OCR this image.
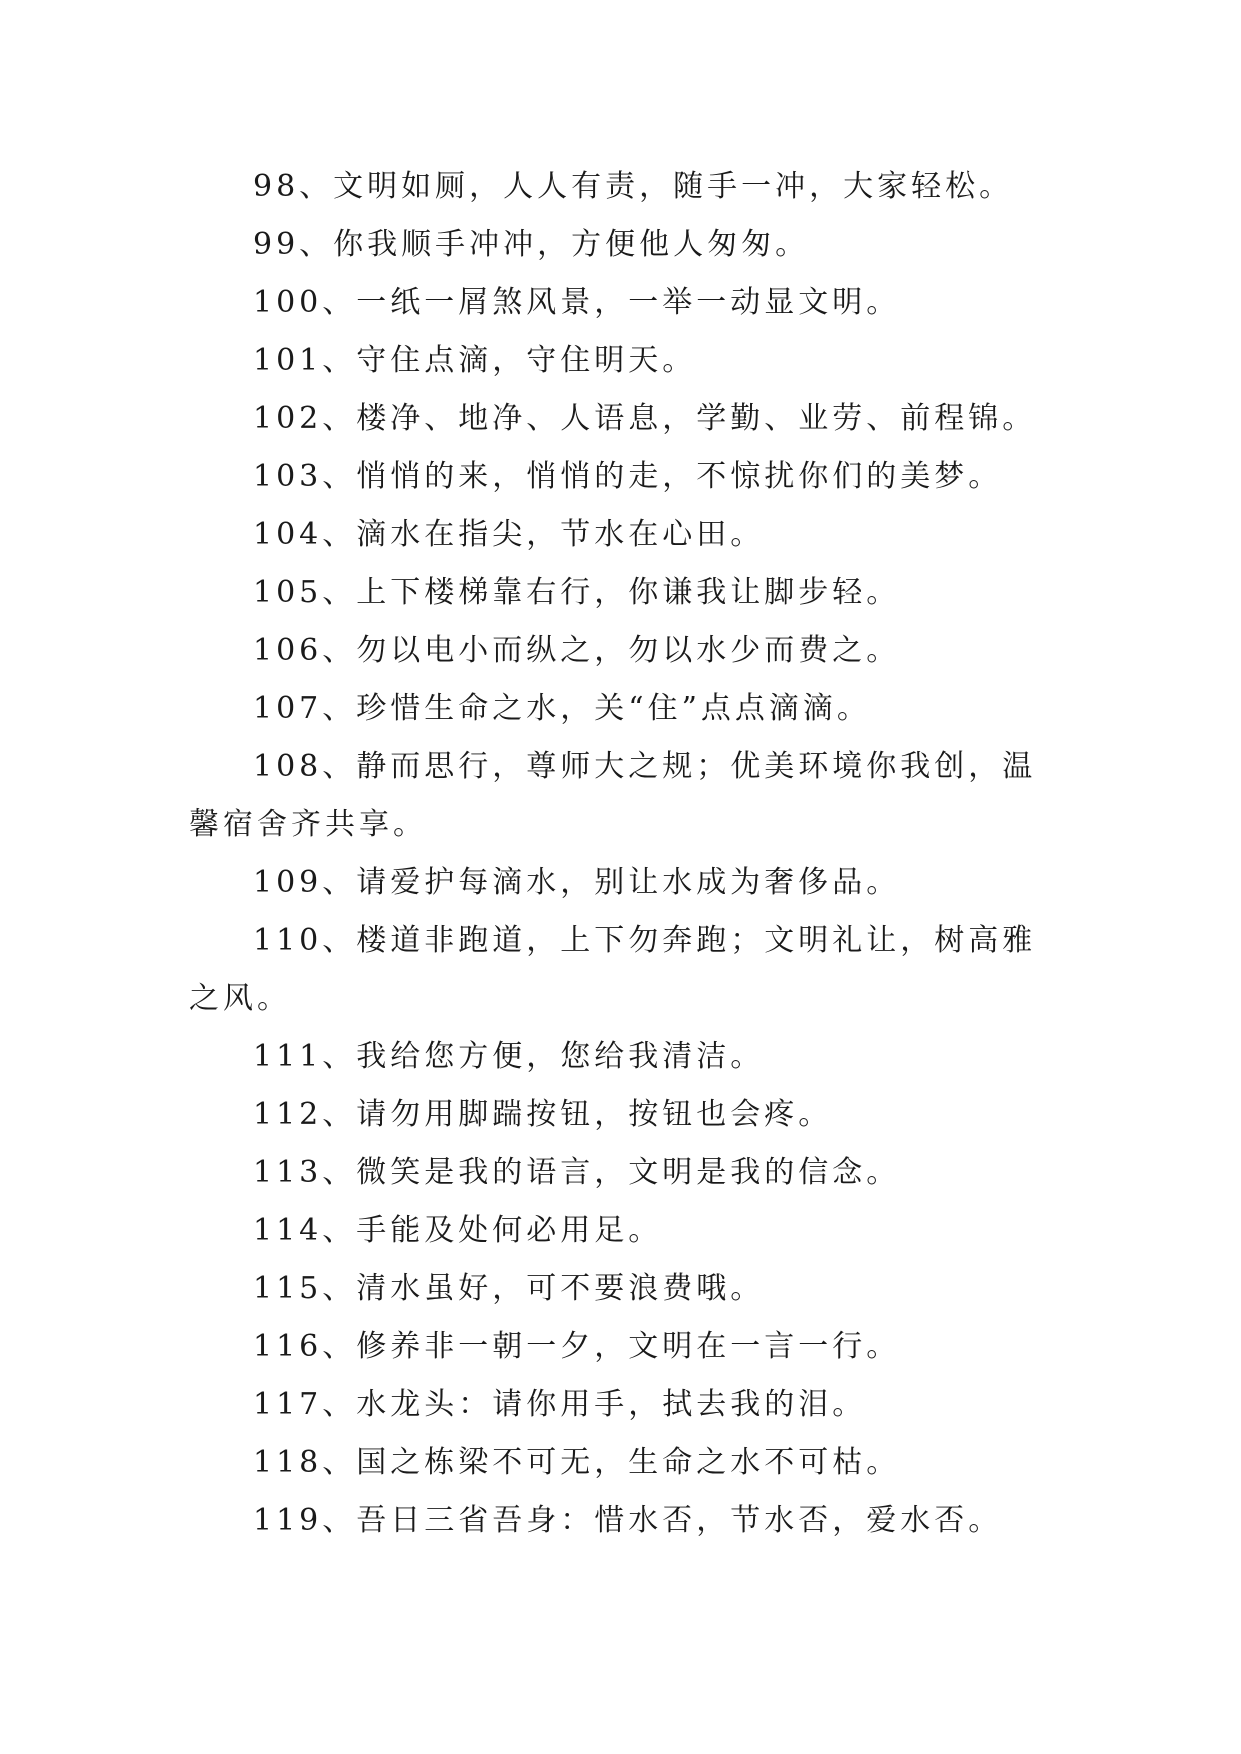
98、文明如厕，人人有责，随手一冲，大家轻松。

99、你我顺手冲冲，方便他人匆匆。

100、一纸一屑煞风景，一举一动显文明。

101、守住点滴，守住明天。

102、楼净、地净、人语息，学勤、业劳、前程锦。

103、悄悄的来，悄悄的走，不惊扰你们的美梦。

104、滴水在指尖，节水在心田。

105、上下楼梯靠右行，你谦我让脚步轻。

106、勿以电小而纵之，勿以水少而费之。

107、珍惜生命之水，关“住”点点滴滴。

108、静而思行，尊师大之规；优美环境你我创，温馨宿舍齐共享。

109、请爱护每滴水，别让水成为奢侈品。

110、楼道非跑道，上下勿奔跑；文明礼让，树高雅之风。

111、我给您方便，您给我清洁。

112、请勿用脚踹按钮，按钮也会疼。

113、微笑是我的语言，文明是我的信念。

114、手能及处何必用足。

115、清水虽好，可不要浪费哦。

116、修养非一朝一夕，文明在一言一行。

117、水龙头：请你用手，拭去我的泪。

118、国之栋梁不可无，生命之水不可枯。

119、吾日三省吾身：惜水否，节水否，爱水否。
